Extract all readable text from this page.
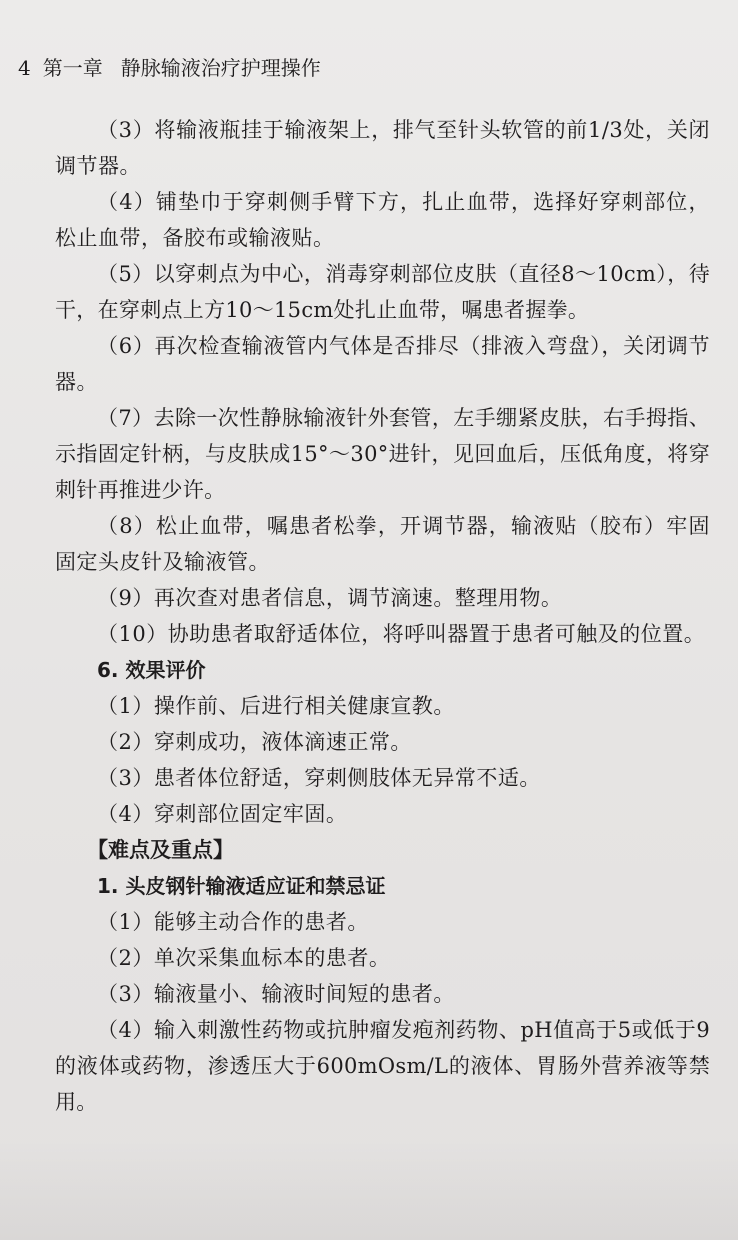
4 第一章 静脉输液治疗护理操作

（3）将输液瓶挂于输液架上，排气至针头软管的前1/3处，关闭调节器。

（4）铺垫巾于穿刺侧手臂下方，扎止血带，选择好穿刺部位，松止血带，备胶布或输液贴。

（5）以穿刺点为中心，消毒穿刺部位皮肤（直径8～10cm），待干，在穿刺点上方10～15cm处扎止血带，嘱患者握拳。

（6）再次检查输液管内气体是否排尽（排液入弯盘），关闭调节器。

（7）去除一次性静脉输液针外套管，左手绷紧皮肤，右手拇指、示指固定针柄，与皮肤成15°～30°进针，见回血后，压低角度，将穿刺针再推进少许。

（8）松止血带，嘱患者松拳，开调节器，输液贴（胶布）牢固固定头皮针及输液管。

（9）再次查对患者信息，调节滴速。整理用物。

（10）协助患者取舒适体位，将呼叫器置于患者可触及的位置。

6. 效果评价

（1）操作前、后进行相关健康宣教。

（2）穿刺成功，液体滴速正常。

（3）患者体位舒适，穿刺侧肢体无异常不适。

（4）穿刺部位固定牢固。

【难点及重点】

1. 头皮钢针输液适应证和禁忌证

（1）能够主动合作的患者。

（2）单次采集血标本的患者。

（3）输液量小、输液时间短的患者。

（4）输入刺激性药物或抗肿瘤发疱剂药物、pH值高于5或低于9的液体或药物，渗透压大于600mOsm/L的液体、胃肠外营养液等禁用。
